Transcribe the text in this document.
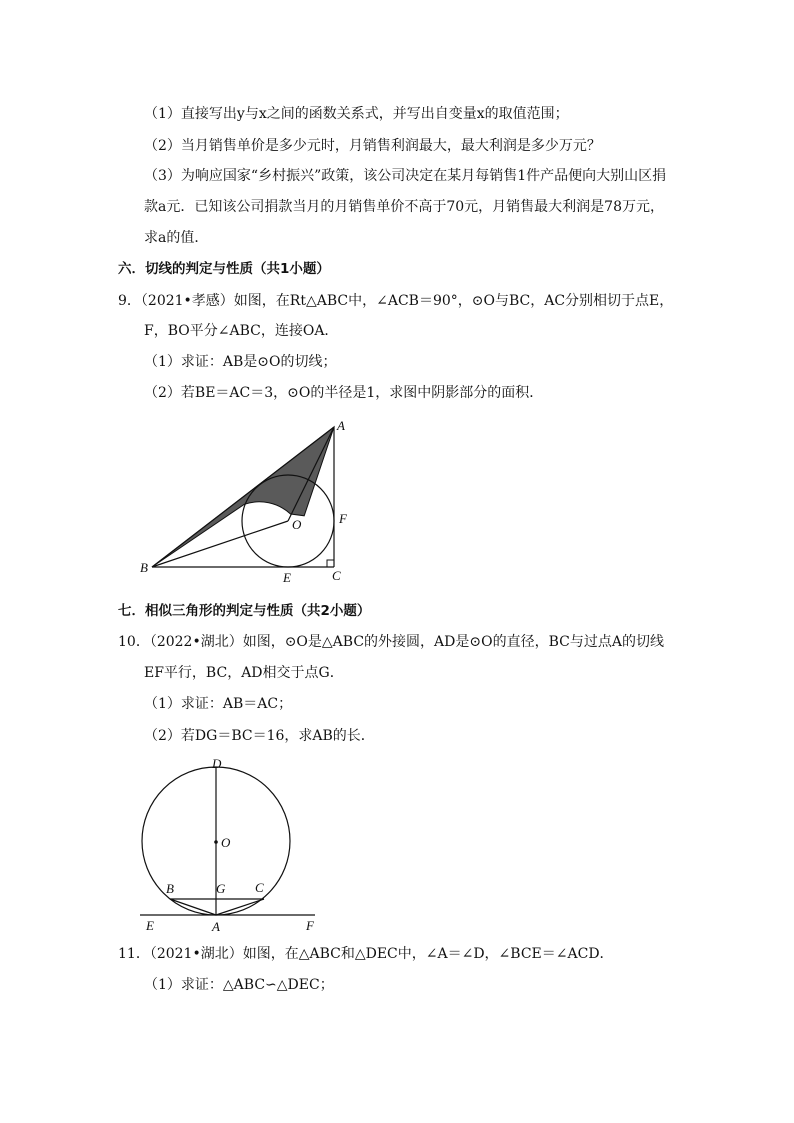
（1）直接写出y与x之间的函数关系式，并写出自变量x的取值范围；
（2）当月销售单价是多少元时，月销售利润最大，最大利润是多少万元？
（3）为响应国家“乡村振兴”政策，该公司决定在某月每销售1件产品便向大别山区捐
款a元．已知该公司捐款当月的月销售单价不高于70元，月销售最大利润是78万元，
求a的值．
六．切线的判定与性质（共1小题）
9．（2021•孝感）如图，在Rt△ABC中，∠ACB＝90°，⊙O与BC，AC分别相切于点E，
F，BO平分∠ABC，连接OA．
（1）求证：AB是⊙O的切线；
（2）若BE＝AC＝3，⊙O的半径是1，求图中阴影部分的面积．
A
B
C
O
E
F
七．相似三角形的判定与性质（共2小题）
10．（2022•湖北）如图，⊙O是△ABC的外接圆，AD是⊙O的直径，BC与过点A的切线
EF平行，BC，AD相交于点G．
（1）求证：AB＝AC；
（2）若DG＝BC＝16，求AB的长．
D
O
B	G C
E	A	F
11．（2021•湖北）如图，在△ABC和△DEC中，∠A＝∠D，∠BCE＝∠ACD．
（1）求证：△ABC∽△DEC；
